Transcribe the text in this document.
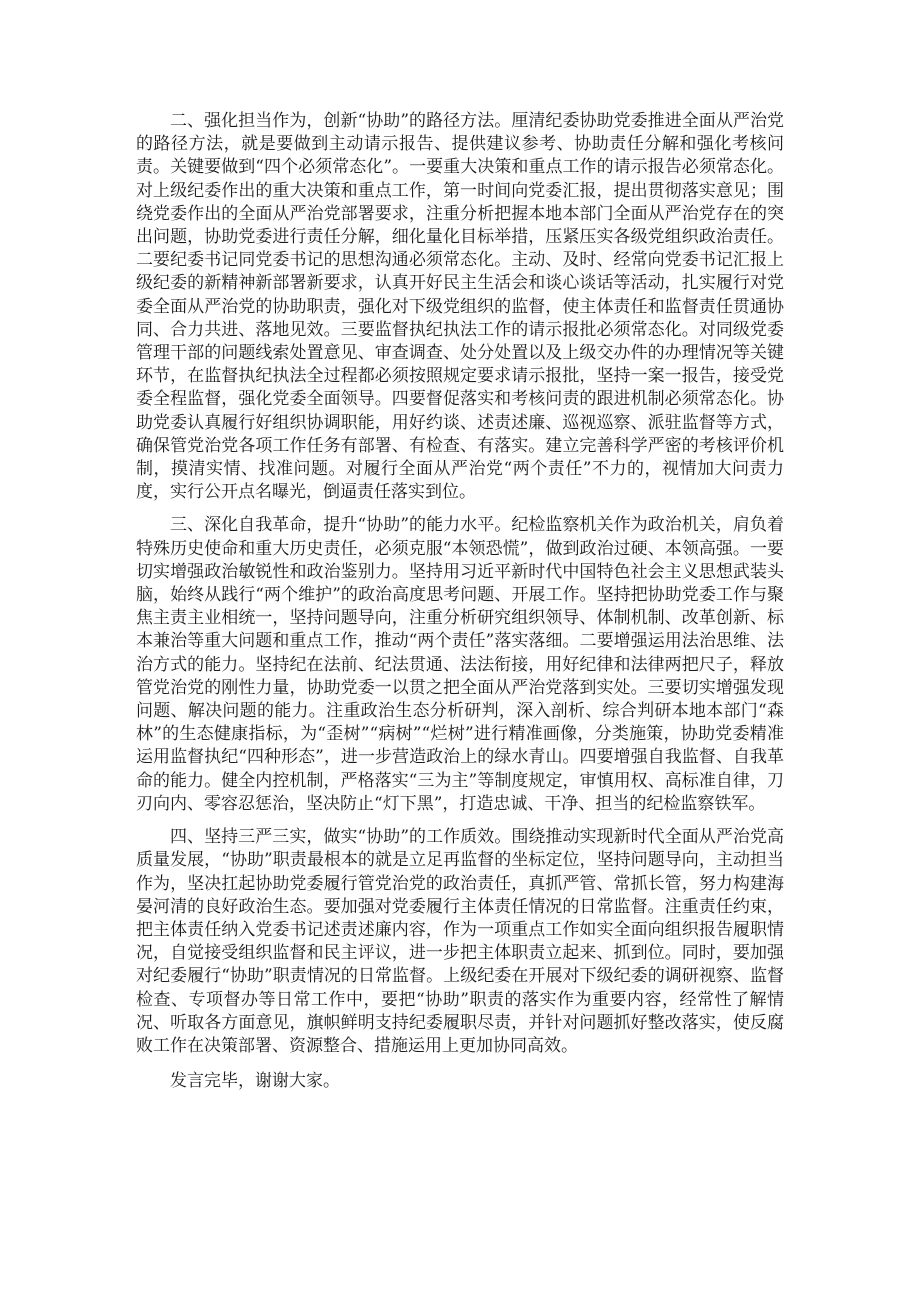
二、强化担当作为，创新“协助”的路径方法。厘清纪委协助党委推进全面从严治党的路径方法，就是要做到主动请示报告、提供建议参考、协助责任分解和强化考核问责。关键要做到“四个必须常态化”。一要重大决策和重点工作的请示报告必须常态化。对上级纪委作出的重大决策和重点工作，第一时间向党委汇报，提出贯彻落实意见；围绕党委作出的全面从严治党部署要求，注重分析把握本地本部门全面从严治党存在的突出问题，协助党委进行责任分解，细化量化目标举措，压紧压实各级党组织政治责任。二要纪委书记同党委书记的思想沟通必须常态化。主动、及时、经常向党委书记汇报上级纪委的新精神新部署新要求，认真开好民主生活会和谈心谈话等活动，扎实履行对党委全面从严治党的协助职责，强化对下级党组织的监督，使主体责任和监督责任贯通协同、合力共进、落地见效。三要监督执纪执法工作的请示报批必须常态化。对同级党委管理干部的问题线索处置意见、审查调查、处分处置以及上级交办件的办理情况等关键环节，在监督执纪执法全过程都必须按照规定要求请示报批，坚持一案一报告，接受党委全程监督，强化党委全面领导。四要督促落实和考核问责的跟进机制必须常态化。协助党委认真履行好组织协调职能，用好约谈、述责述廉、巡视巡察、派驻监督等方式，确保管党治党各项工作任务有部署、有检查、有落实。建立完善科学严密的考核评价机制，摸清实情、找准问题。对履行全面从严治党“两个责任”不力的，视情加大问责力度，实行公开点名曝光，倒逼责任落实到位。

三、深化自我革命，提升“协助”的能力水平。纪检监察机关作为政治机关，肩负着特殊历史使命和重大历史责任，必须克服“本领恐慌”，做到政治过硬、本领高强。一要切实增强政治敏锐性和政治鉴别力。坚持用习近平新时代中国特色社会主义思想武装头脑，始终从践行“两个维护”的政治高度思考问题、开展工作。坚持把协助党委工作与聚焦主责主业相统一，坚持问题导向，注重分析研究组织领导、体制机制、改革创新、标本兼治等重大问题和重点工作，推动“两个责任”落实落细。二要增强运用法治思维、法治方式的能力。坚持纪在法前、纪法贯通、法法衔接，用好纪律和法律两把尺子，释放管党治党的刚性力量，协助党委一以贯之把全面从严治党落到实处。三要切实增强发现问题、解决问题的能力。注重政治生态分析研判，深入剖析、综合判研本地本部门“森林”的生态健康指标，为“歪树”“病树”“烂树”进行精准画像，分类施策，协助党委精准运用监督执纪“四种形态”，进一步营造政治上的绿水青山。四要增强自我监督、自我革命的能力。健全内控机制，严格落实“三为主”等制度规定，审慎用权、高标准自律，刀刃向内、零容忍惩治，坚决防止“灯下黑”，打造忠诚、干净、担当的纪检监察铁军。

四、坚持三严三实，做实“协助”的工作质效。围绕推动实现新时代全面从严治党高质量发展，“协助”职责最根本的就是立足再监督的坐标定位，坚持问题导向，主动担当作为，坚决扛起协助党委履行管党治党的政治责任，真抓严管、常抓长管，努力构建海晏河清的良好政治生态。要加强对党委履行主体责任情况的日常监督。注重责任约束，把主体责任纳入党委书记述责述廉内容，作为一项重点工作如实全面向组织报告履职情况，自觉接受组织监督和民主评议，进一步把主体职责立起来、抓到位。同时，要加强对纪委履行“协助”职责情况的日常监督。上级纪委在开展对下级纪委的调研视察、监督检查、专项督办等日常工作中，要把“协助”职责的落实作为重要内容，经常性了解情况、听取各方面意见，旗帜鲜明支持纪委履职尽责，并针对问题抓好整改落实，使反腐败工作在决策部署、资源整合、措施运用上更加协同高效。

发言完毕，谢谢大家。
